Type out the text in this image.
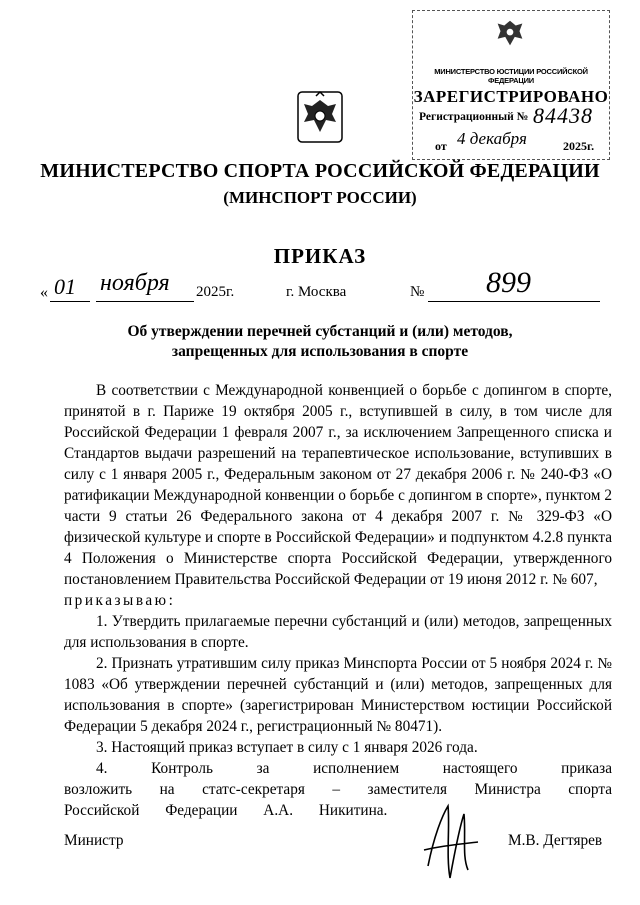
МИНИСТЕРСТВО ЮСТИЦИИ РОССИЙСКОЙ ФЕДЕРАЦИИ
ЗАРЕГИСТРИРОВАНО
Регистрационный № 84438
от 4 декабря	2025г.
МИНИСТЕРСТВО СПОРТА РОССИЙСКОЙ ФЕДЕРАЦИИ
(МИНСПОРТ РОССИИ)
ПРИКАЗ
« 01 ноября 2025г.	г. Москва	№ 899
Об утверждении перечней субстанций и (или) методов,
запрещенных для использования в спорте

В соответствии с Международной конвенцией о борьбе с допингом в спорте, принятой в г. Париже 19 октября 2005 г., вступившей в силу, в том числе для Российской Федерации 1 февраля 2007 г., за исключением Запрещенного списка и Стандартов выдачи разрешений на терапевтическое использование, вступивших в силу с 1 января 2005 г., Федеральным законом от 27 декабря 2006 г. № 240-ФЗ «О ратификации Международной конвенции о борьбе с допингом в спорте», пунктом 2 части 9 статьи 26 Федерального закона от 4 декабря 2007 г. № 329-ФЗ «О физической культуре и спорте в Российской Федерации» и подпунктом 4.2.8 пункта 4 Положения о Министерстве спорта Российской Федерации, утвержденного постановлением Правительства Российской Федерации от 19 июня 2012 г. № 607,

приказываю:

1. Утвердить прилагаемые перечни субстанций и (или) методов, запрещенных для использования в спорте.

2. Признать утратившим силу приказ Минспорта России от 5 ноября 2024 г. № 1083 «Об утверждении перечней субстанций и (или) методов, запрещенных для использования в спорте» (зарегистрирован Министерством юстиции Российской Федерации 5 декабря 2024 г., регистрационный № 80471).

3. Настоящий приказ вступает в силу с 1 января 2026 года.

4. Контроль за исполнением настоящего приказа возложить на статс-секретаря – заместителя Министра спорта Российской Федерации А.А. Никитина.

Министр	М.В. Дегтярев
